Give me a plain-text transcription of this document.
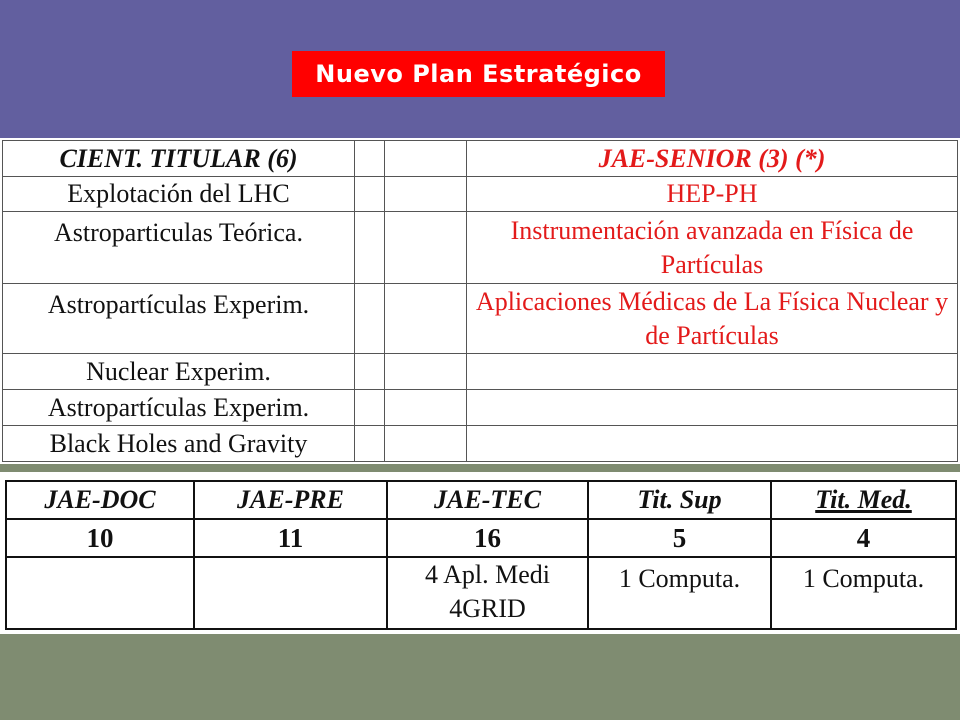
Nuevo Plan Estratégico
CIENT. TITULAR (6)			JAE-SENIOR (3) (*)
Explotación del LHC			HEP-PH
Astroparticulas Teórica.			Instrumentación avanzada en Física de Partículas
Astropartículas Experim.			Aplicaciones Médicas de La Física Nuclear y de Partículas
Nuclear Experim.			
Astropartículas Experim.			
Black Holes and Gravity			
JAE-DOC	JAE-PRE	JAE-TEC	Tit. Sup	Tit. Med.
10	11	16	5	4
		4 Apl. Medi 4GRID	1 Computa.	1 Computa.
